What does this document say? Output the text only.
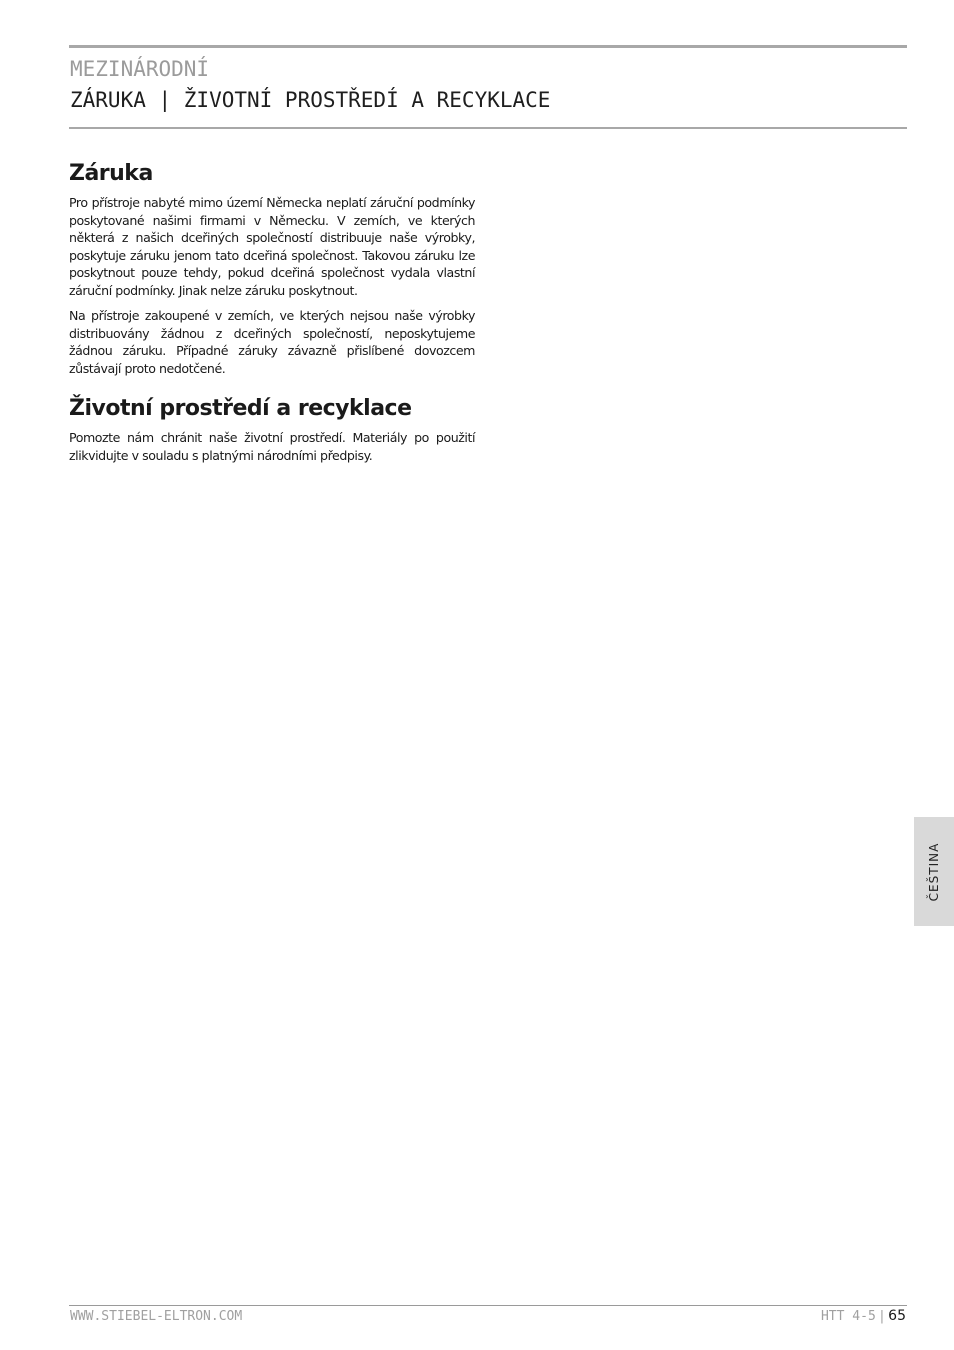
MEZINÁRODNÍ
ZÁRUKA | ŽIVOTNÍ PROSTŘEDÍ A RECYKLACE
Záruka

Pro přístroje nabyté mimo území Německa neplatí záruční podmínky poskytované našimi firmami v Německu. V zemích, ve kterých některá z našich dceřiných společností distribuuje naše výrobky, poskytuje záruku jenom tato dceřiná společnost. Takovou záruku lze poskytnout pouze tehdy, pokud dceřiná společnost vydala vlastní záruční podmínky. Jinak nelze záruku poskytnout.

Na přístroje zakoupené v zemích, ve kterých nejsou naše výrobky distribuovány žádnou z dceřiných společností, neposkytujeme žádnou záruku. Případné záruky závazně přislíbené dovozcem zůstávají proto nedotčené.

Životní prostředí a recyklace

Pomozte nám chránit naše životní prostředí. Materiály po použití zlikvidujte v souladu s platnými národními předpisy.

ČEŠTINA
WWW.STIEBEL-ELTRON.COM	HTT 4-5 | 65
